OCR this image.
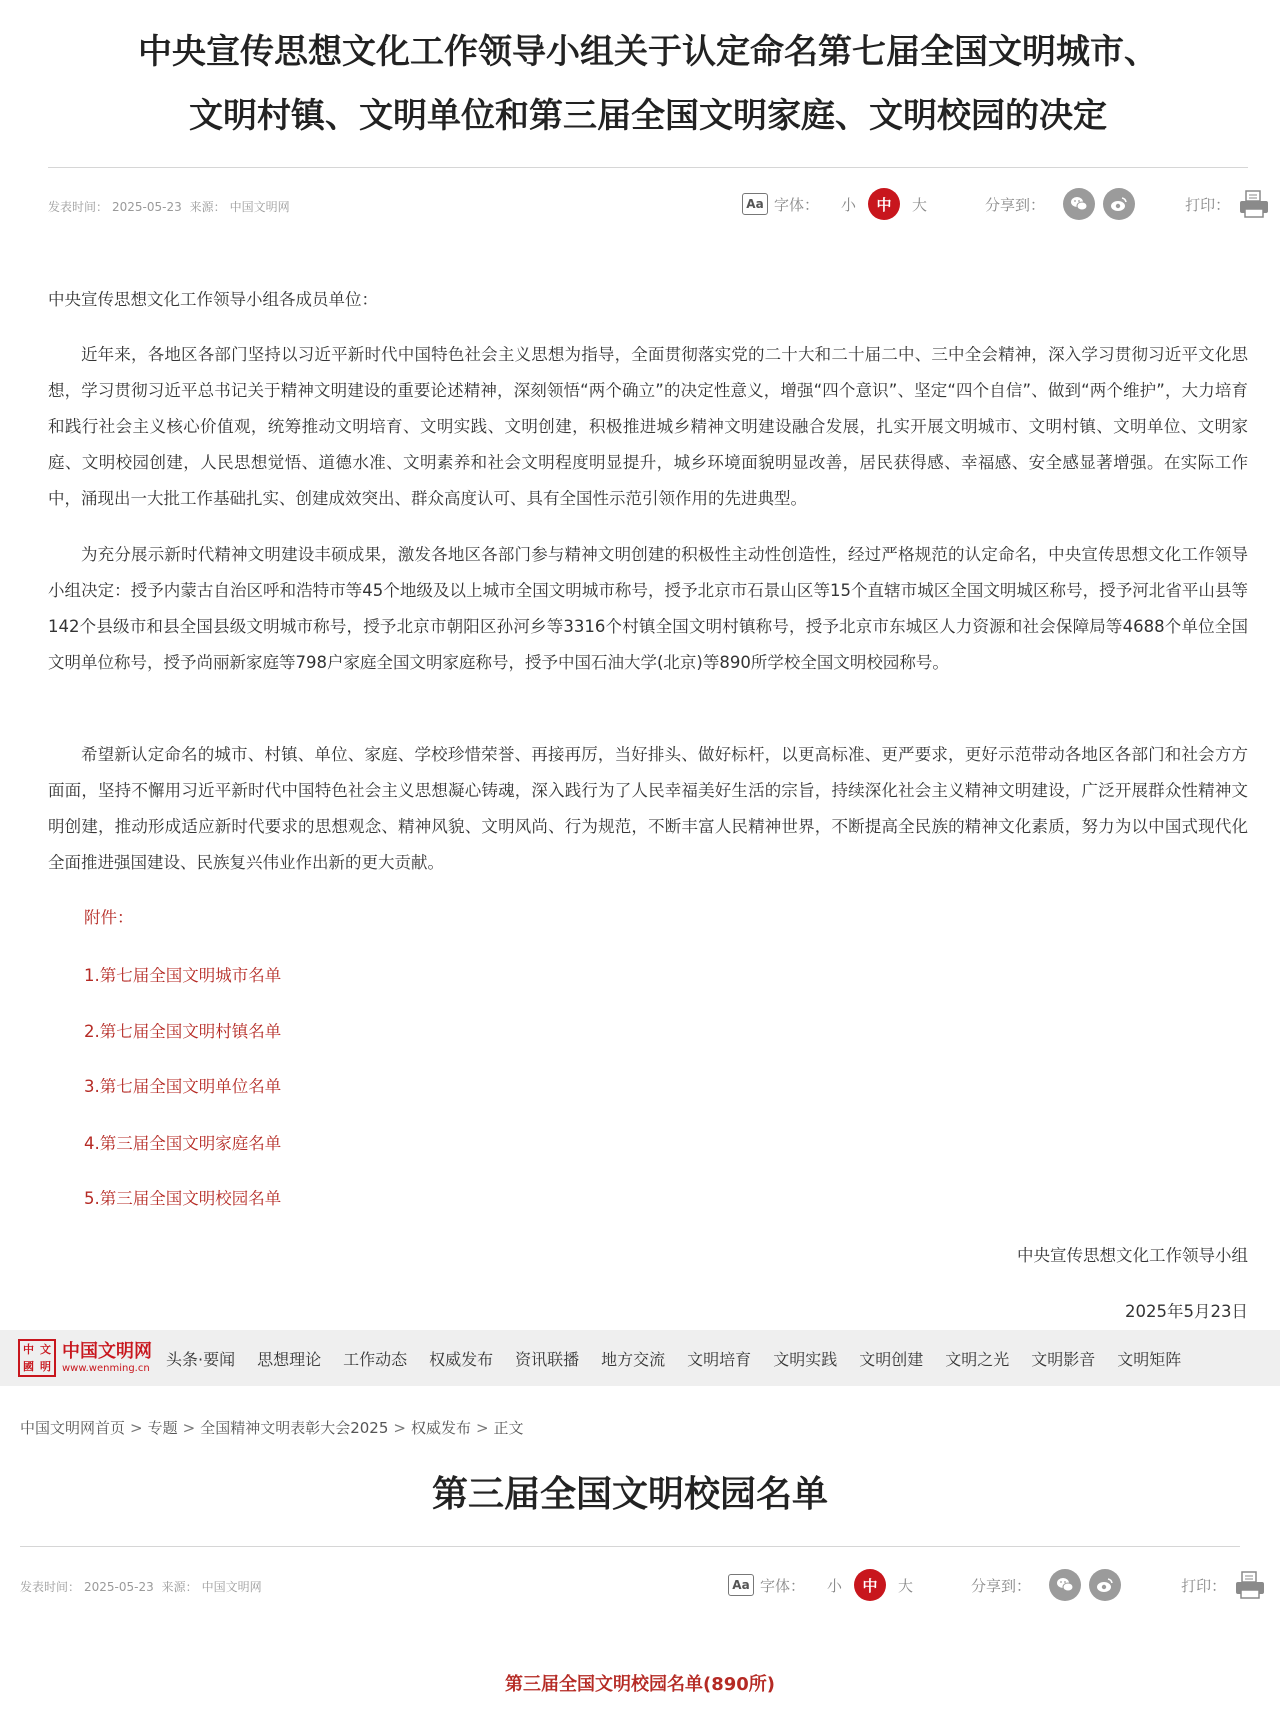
中央宣传思想文化工作领导小组关于认定命名第七届全国文明城市、
文明村镇、文明单位和第三届全国文明家庭、文明校园的决定
发表时间： 2025-05-23 来源： 中国文明网	Aa 字体： 小	中	大	分享到：	打印：
中央宣传思想文化工作领导小组各成员单位：
近年来，各地区各部门坚持以习近平新时代中国特色社会主义思想为指导，全面贯彻落实党的二十大和二十届二中、三中全会精神，深入学习贯彻习近平文化思想，学习贯彻习近平总书记关于精神文明建设的重要论述精神，深刻领悟“两个确立”的决定性意义，增强“四个意识”、坚定“四个自信”、做到“两个维护”，大力培育和践行社会主义核心价值观，统筹推动文明培育、文明实践、文明创建，积极推进城乡精神文明建设融合发展，扎实开展文明城市、文明村镇、文明单位、文明家庭、文明校园创建，人民思想觉悟、道德水准、文明素养和社会文明程度明显提升，城乡环境面貌明显改善，居民获得感、幸福感、安全感显著增强。在实际工作中，涌现出一大批工作基础扎实、创建成效突出、群众高度认可、具有全国性示范引领作用的先进典型。
为充分展示新时代精神文明建设丰硕成果，激发各地区各部门参与精神文明创建的积极性主动性创造性，经过严格规范的认定命名，中央宣传思想文化工作领导小组决定：授予内蒙古自治区呼和浩特市等45个地级及以上城市全国文明城市称号，授予北京市石景山区等15个直辖市城区全国文明城区称号，授予河北省平山县等142个县级市和县全国县级文明城市称号，授予北京市朝阳区孙河乡等3316个村镇全国文明村镇称号，授予北京市东城区人力资源和社会保障局等4688个单位全国文明单位称号，授予尚丽新家庭等798户家庭全国文明家庭称号，授予中国石油大学(北京)等890所学校全国文明校园称号。
希望新认定命名的城市、村镇、单位、家庭、学校珍惜荣誉、再接再厉，当好排头、做好标杆，以更高标准、更严要求，更好示范带动各地区各部门和社会方方面面，坚持不懈用习近平新时代中国特色社会主义思想凝心铸魂，深入践行为了人民幸福美好生活的宗旨，持续深化社会主义精神文明建设，广泛开展群众性精神文明创建，推动形成适应新时代要求的思想观念、精神风貌、文明风尚、行为规范，不断丰富人民精神世界，不断提高全民族的精神文化素质，努力为以中国式现代化全面推进强国建设、民族复兴伟业作出新的更大贡献。
附件：
1.第七届全国文明城市名单
2.第七届全国文明村镇名单
3.第七届全国文明单位名单
4.第三届全国文明家庭名单
5.第三届全国文明校园名单
中央宣传思想文化工作领导小组
2025年5月23日
中 文
國 明
中国文明网
www.wenming.cn 头条·要闻 思想理论 工作动态 权威发布 资讯联播 地方交流 文明培育 文明实践 文明创建 文明之光 文明影音 文明矩阵
中国文明网首页 > 专题 > 全国精神文明表彰大会2025 > 权威发布 > 正文
第三届全国文明校园名单
发表时间： 2025-05-23 来源： 中国文明网	Aa 字体： 小	中	大	分享到：	打印：
第三届全国文明校园名单(890所)
